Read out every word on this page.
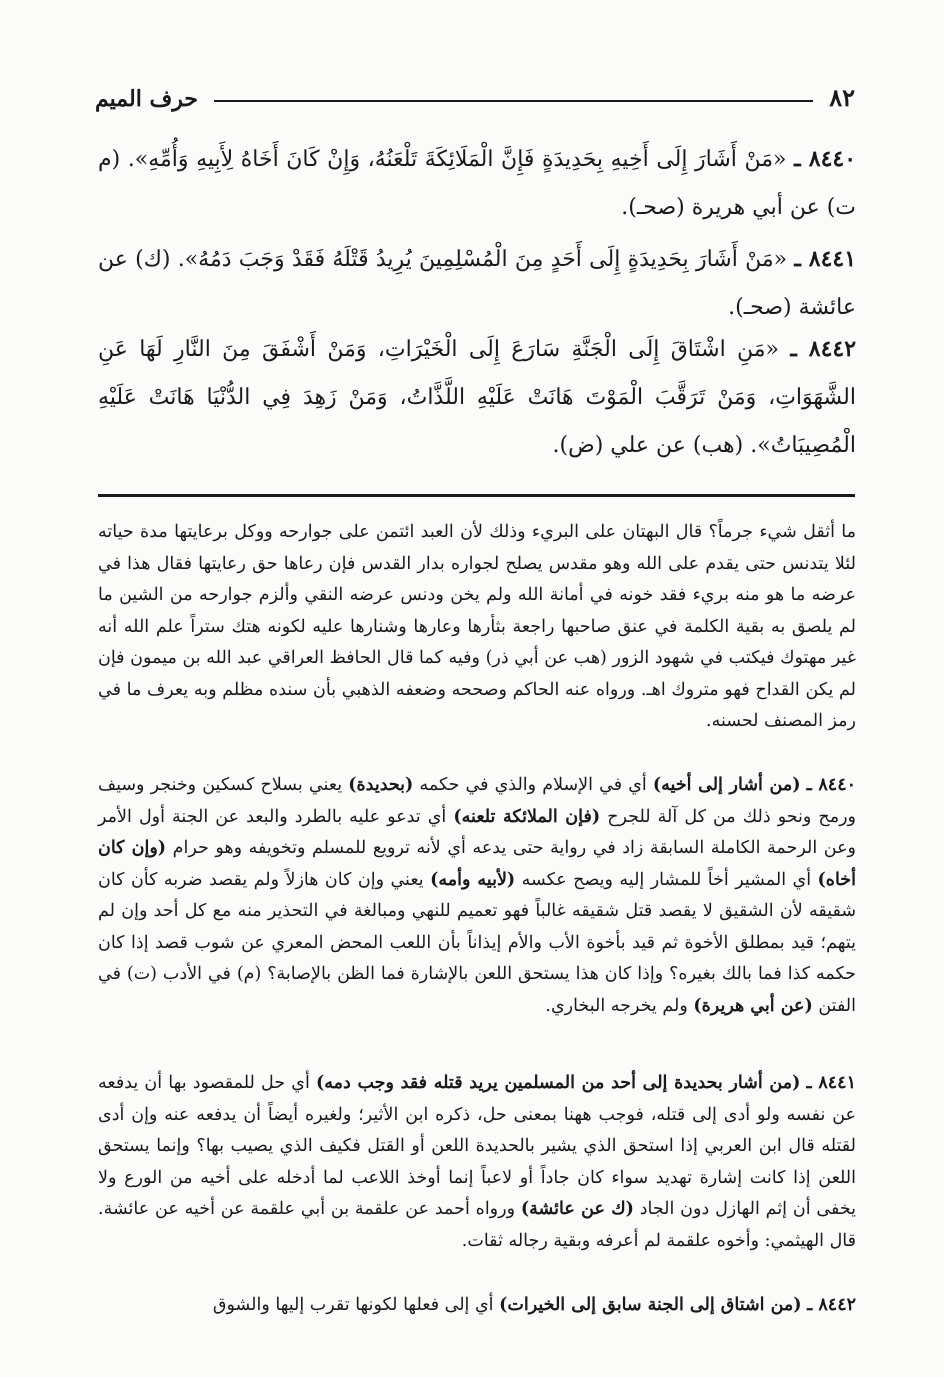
٨٢
حرف الميم
٨٤٤٠ ـ «مَنْ أَشَارَ إِلَى أَخِيهِ بِحَدِيدَةٍ فَإِنَّ الْمَلَائِكَةَ تَلْعَنُهُ، وَإِنْ كَانَ أَخَاهُ لِأَبِيهِ وَأُمِّهِ». (م ت) عن أبي هريرة (صحـ).
٨٤٤١ ـ «مَنْ أَشَارَ بِحَدِيدَةٍ إِلَى أَحَدٍ مِنَ الْمُسْلِمِينَ يُرِيدُ قَتْلَهُ فَقَدْ وَجَبَ دَمُهُ». (ك) عن عائشة (صحـ).
٨٤٤٢ ـ «مَنِ اشْتَاقَ إِلَى الْجَنَّةِ سَارَعَ إِلَى الْخَيْرَاتِ، وَمَنْ أَشْفَقَ مِنَ النَّارِ لَهَا عَنِ الشَّهَوَاتِ، وَمَنْ تَرَقَّبَ الْمَوْتَ هَانَتْ عَلَيْهِ اللَّذَّاتُ، وَمَنْ زَهِدَ فِي الدُّنْيَا هَانَتْ عَلَيْهِ الْمُصِيبَاتُ». (هب) عن علي (ض).
ما أثقل شيء جرماً؟ قال البهتان على البريء وذلك لأن العبد ائتمن على جوارحه ووكل برعايتها مدة حياته لئلا يتدنس حتى يقدم على الله وهو مقدس يصلح لجواره بدار القدس فإن رعاها حق رعايتها فقال هذا في عرضه ما هو منه بريء فقد خونه في أمانة الله ولم يخن ودنس عرضه النقي وألزم جوارحه من الشين ما لم يلصق به بقية الكلمة في عنق صاحبها راجعة بثأرها وعارها وشنارها عليه لكونه هتك ستراً علم الله أنه غير مهتوك فيكتب في شهود الزور (هب عن أبي ذر) وفيه كما قال الحافظ العراقي عبد الله بن ميمون فإن لم يكن القداح فهو متروك اهـ. ورواه عنه الحاكم وصححه وضعفه الذهبي بأن سنده مظلم وبه يعرف ما في رمز المصنف لحسنه.
٨٤٤٠ ـ (من أشار إلى أخيه) أي في الإسلام والذي في حكمه (بحديدة) يعني بسلاح كسكين وخنجر وسيف ورمح ونحو ذلك من كل آلة للجرح (فإن الملائكة تلعنه) أي تدعو عليه بالطرد والبعد عن الجنة أول الأمر وعن الرحمة الكاملة السابقة زاد في رواية حتى يدعه أي لأنه ترويع للمسلم وتخويفه وهو حرام (وإن كان أخاه) أي المشير أخاً للمشار إليه ويصح عكسه (لأبيه وأمه) يعني وإن كان هازلاً ولم يقصد ضربه كأن كان شقيقه لأن الشقيق لا يقصد قتل شقيقه غالباً فهو تعميم للنهي ومبالغة في التحذير منه مع كل أحد وإن لم يتهم؛ قيد بمطلق الأخوة ثم قيد بأخوة الأب والأم إيذاناً بأن اللعب المحض المعري عن شوب قصد إذا كان حكمه كذا فما بالك بغيره؟ وإذا كان هذا يستحق اللعن بالإشارة فما الظن بالإصابة؟ (م) في الأدب (ت) في الفتن (عن أبي هريرة) ولم يخرجه البخاري.
٨٤٤١ ـ (من أشار بحديدة إلى أحد من المسلمين يريد قتله فقد وجب دمه) أي حل للمقصود بها أن يدفعه عن نفسه ولو أدى إلى قتله، فوجب ههنا بمعنى حل، ذكره ابن الأثير؛ ولغيره أيضاً أن يدفعه عنه وإن أدى لقتله قال ابن العربي إذا استحق الذي يشير بالحديدة اللعن أو القتل فكيف الذي يصيب بها؟ وإنما يستحق اللعن إذا كانت إشارة تهديد سواء كان جاداً أو لاعباً إنما أوخذ اللاعب لما أدخله على أخيه من الورع ولا يخفى أن إثم الهازل دون الجاد (ك عن عائشة) ورواه أحمد عن علقمة بن أبي علقمة عن أخيه عن عائشة. قال الهيثمي: وأخوه علقمة لم أعرفه وبقية رجاله ثقات.
٨٤٤٢ ـ (من اشتاق إلى الجنة سابق إلى الخيرات) أي إلى فعلها لكونها تقرب إليها والشوق
